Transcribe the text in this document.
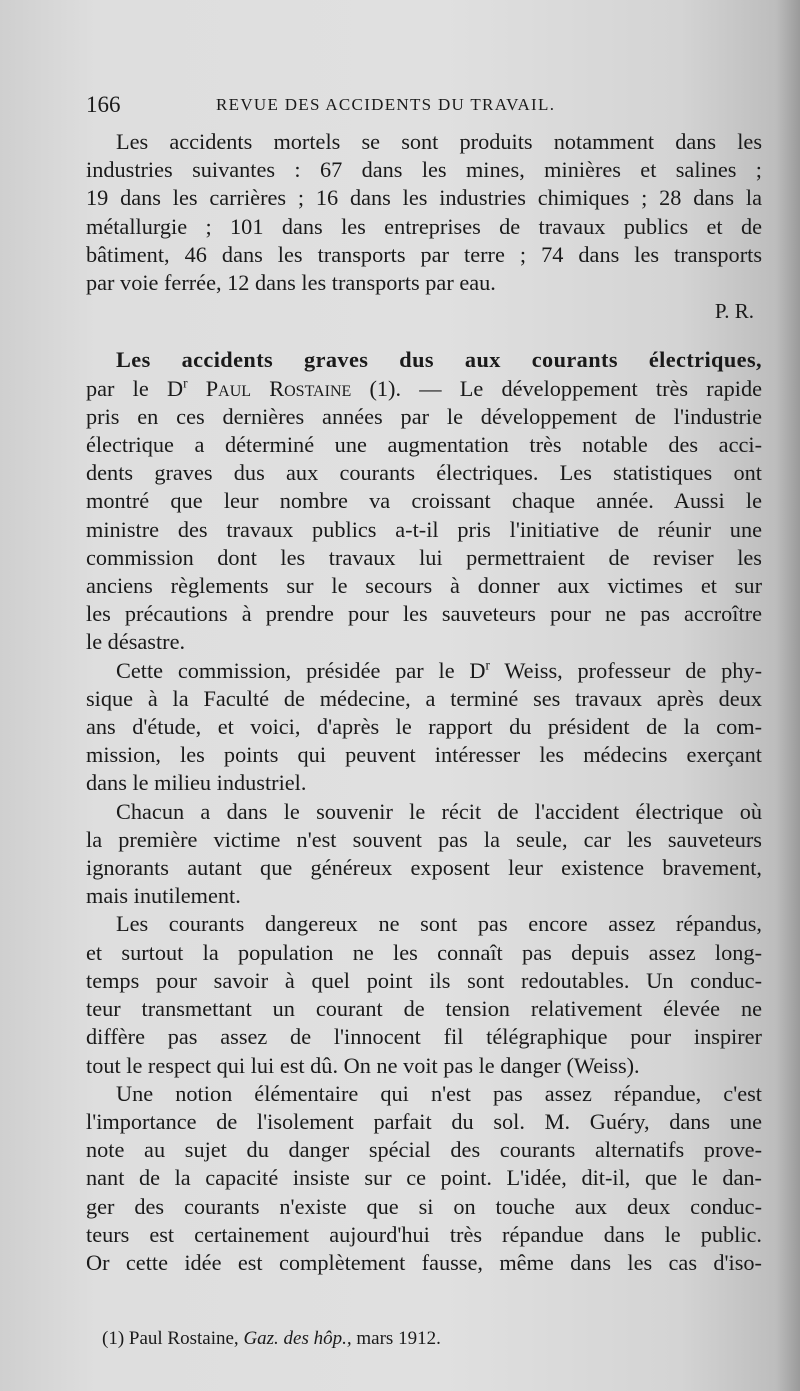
166	REVUE DES ACCIDENTS DU TRAVAIL.
Les accidents mortels se sont produits notamment dans les
industries suivantes : 67 dans les mines, minières et salines ;
19 dans les carrières ; 16 dans les industries chimiques ; 28 dans la
métallurgie ; 101 dans les entreprises de travaux publics et de
bâtiment, 46 dans les transports par terre ; 74 dans les transports
par voie ferrée, 12 dans les transports par eau.
P. R.
Les accidents graves dus aux courants électriques,
par le $D^r$ Paul Rostaine (1). — Le développement très rapide
pris en ces dernières années par le développement de l'industrie
électrique a déterminé une augmentation très notable des acci-
dents graves dus aux courants électriques. Les statistiques ont
montré que leur nombre va croissant chaque année. Aussi le
ministre des travaux publics a-t-il pris l'initiative de réunir une
commission dont les travaux lui permettraient de reviser les
anciens règlements sur le secours à donner aux victimes et sur
les précautions à prendre pour les sauveteurs pour ne pas accroître
le désastre.
Cette commission, présidée par le $D^r$ Weiss, professeur de phy-
sique à la Faculté de médecine, a terminé ses travaux après deux
ans d'étude, et voici, d'après le rapport du président de la com-
mission, les points qui peuvent intéresser les médecins exerçant
dans le milieu industriel.
Chacun a dans le souvenir le récit de l'accident électrique où
la première victime n'est souvent pas la seule, car les sauveteurs
ignorants autant que généreux exposent leur existence bravement,
mais inutilement.
Les courants dangereux ne sont pas encore assez répandus,
et surtout la population ne les connaît pas depuis assez long-
temps pour savoir à quel point ils sont redoutables. Un conduc-
teur transmettant un courant de tension relativement élevée ne
diffère pas assez de l'innocent fil télégraphique pour inspirer
tout le respect qui lui est dû. On ne voit pas le danger (Weiss).
Une notion élémentaire qui n'est pas assez répandue, c'est
l'importance de l'isolement parfait du sol. M. Guéry, dans une
note au sujet du danger spécial des courants alternatifs prove-
nant de la capacité insiste sur ce point. L'idée, dit-il, que le dan-
ger des courants n'existe que si on touche aux deux conduc-
teurs est certainement aujourd'hui très répandue dans le public.
Or cette idée est complètement fausse, même dans les cas d'iso-
(1) Paul Rostaine, Gaz. des hôp., mars 1912.
